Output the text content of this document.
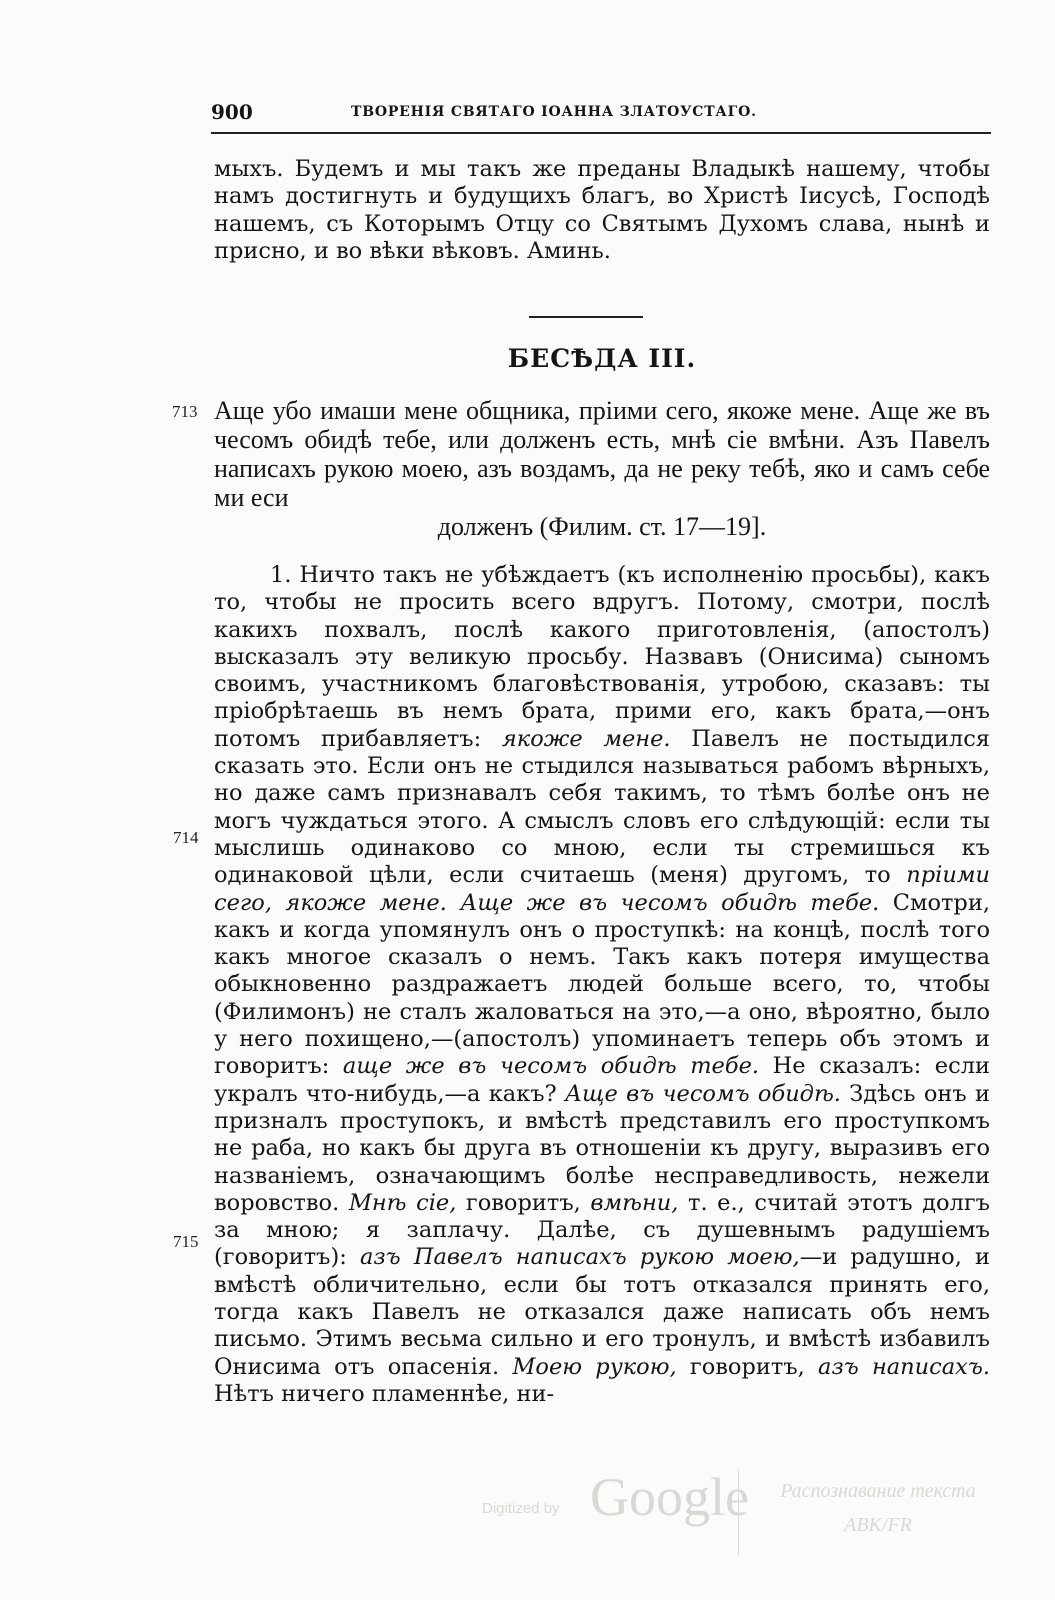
900	ТВОРЕНІЯ СВЯТАГО ІОАННА ЗЛАТОУСТАГО.

мыхъ. Будемъ и мы такъ же преданы Владыкѣ нашему, чтобы намъ достигнуть и будущихъ благъ, во Христѣ Іисусѣ, Господѣ нашемъ, съ Которымъ Отцу со Святымъ Духомъ слава, нынѣ и присно, и во вѣки вѣковъ. Аминь.

БЕСѢДА III.
713
714
715

Аще убо имаши мене общника, пріими сего, якоже мене. Аще же въ чесомъ обидѣ тебе, или долженъ есть, мнѣ сіе вмѣни. Азъ Павелъ написахъ рукою моею, азъ воздамъ, да не реку тебѣ, яко и самъ себе ми еси
долженъ (Филим. ст. 17—19].

1. Ничто такъ не убѣждаетъ (къ исполненію просьбы), какъ то, чтобы не просить всего вдругъ. Потому, смотри, послѣ какихъ похвалъ, послѣ какого приготовленія, (апостолъ) высказалъ эту великую просьбу. Назвавъ (Онисима) сыномъ своимъ, участникомъ благовѣствованія, утробою, сказавъ: ты пріобрѣтаешь въ немъ брата, прими его, какъ брата,—онъ потомъ прибавляетъ: якоже мене. Павелъ не постыдился сказать это. Если онъ не стыдился называться рабомъ вѣрныхъ, но даже самъ признавалъ себя такимъ, то тѣмъ болѣе онъ не могъ чуждаться этого. А смыслъ словъ его слѣдующій: если ты мыслишь одинаково со мною, если ты стремишься къ одинаковой цѣли, если считаешь (меня) другомъ, то пріими сего, якоже мене. Аще же въ чесомъ обидѣ тебе. Смотри, какъ и когда упомянулъ онъ о проступкѣ: на концѣ, послѣ того какъ многое сказалъ о немъ. Такъ какъ потеря имущества обыкновенно раздражаетъ людей больше всего, то, чтобы (Филимонъ) не сталъ жаловаться на это,—а оно, вѣроятно, было у него похищено,—(апостолъ) упоминаетъ теперь объ этомъ и говоритъ: аще же въ чесомъ обидѣ тебе. Не сказалъ: если укралъ что-нибудь,—а какъ? Аще въ чесомъ обидѣ. Здѣсь онъ и призналъ проступокъ, и вмѣстѣ представилъ его проступкомъ не раба, но какъ бы друга въ отношеніи къ другу, выразивъ его названіемъ, означающимъ болѣе несправедливость, нежели воровство. Мнѣ сіе, говоритъ, вмѣни, т. е., считай этотъ долгъ за мною; я заплачу. Далѣе, съ душевнымъ радушіемъ (говоритъ): азъ Павелъ написахъ рукою моею,—и радушно, и вмѣстѣ обличительно, если бы тотъ отказался принять его, тогда какъ Павелъ не отказался даже написать объ немъ письмо. Этимъ весьма сильно и его тронулъ, и вмѣстѣ избавилъ Онисима отъ опасенія. Моею рукою, говоритъ, азъ написахъ. Нѣтъ ничего пламеннѣе, ни-

Digitized by Google	Распознавание текста
ABK/FR
